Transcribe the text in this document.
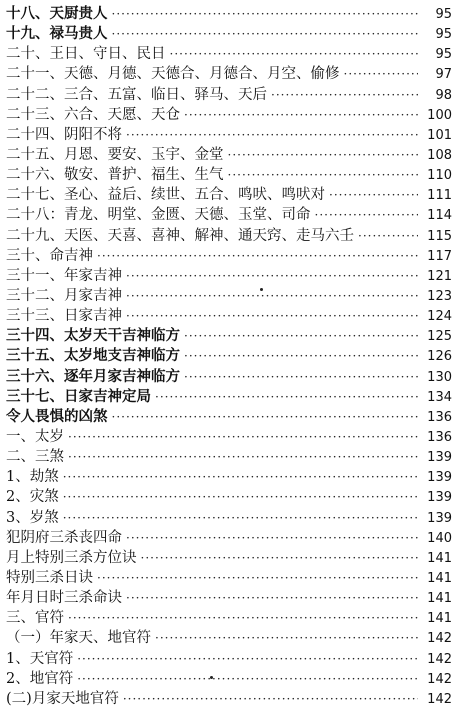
十八、天厨贵人 ·····	95
十九、禄马贵人 ·····	95
二十、王日、守日、民日 ·····	95
二十一、天德、月德、天德合、月德合、月空、偷修 ·····	97
二十二、三合、五富、临日、驿马、天后 ·····	98
二十三、六合、天愿、天仓 ·····	100
二十四、阴阳不将 ·····	101
二十五、月恩、要安、玉宇、金堂 ·····	108
二十六、敬安、普护、福生、生气 ·····	110
二十七、圣心、益后、续世、五合、鸣吠、鸣吠对 ·····	111
二十八：青龙、明堂、金匮、天德、玉堂、司命 ·····	114
二十九、天医、天喜、喜神、解神、通天窍、走马六壬 ·····	115
三十、命吉神 ·····	117
三十一、年家吉神 ·····	121
三十二、月家吉神 ·····	123
三十三、日家吉神 ·····	124
三十四、太岁天干吉神临方 ·····	125
三十五、太岁地支吉神临方 ·····	126
三十六、逐年月家吉神临方 ·····	130
三十七、日家吉神定局 ·····	134
令人畏惧的凶煞 ·····	136
一、太岁 ·····	136
二、三煞 ·····	139
1、劫煞 ·····	139
2、灾煞 ·····	139
3、岁煞 ·····	139
犯阴府三杀丧四命 ·····	140
月上特别三杀方位诀 ·····	141
特别三杀日诀 ·····	141
年月日时三杀命诀 ·····	141
三、官符 ·····	141
（一）年家天、地官符 ·····	142
1、天官符 ·····	142
2、地官符 ·····	142
(二)月家天地官符 ·····	142
